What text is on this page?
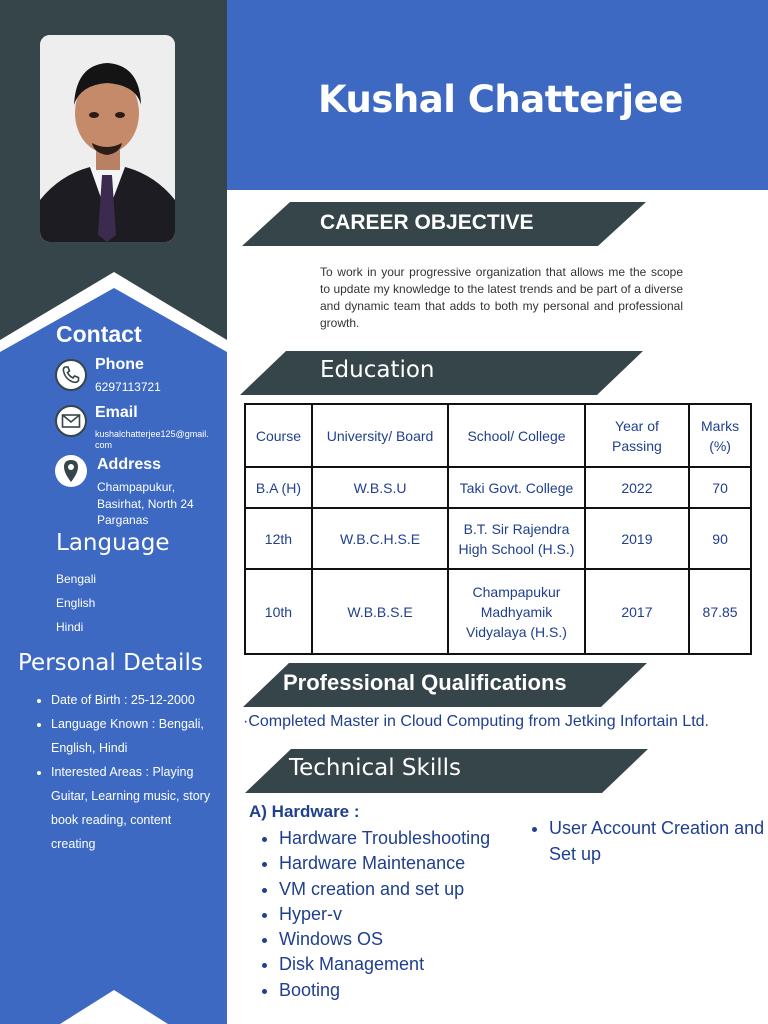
Contact
Phone
6297113721
Email
kushalchatterjee125@gmail.
com
Address
Champapukur,
Basirhat, North 24
Parganas
Language
Bengali
English
Hindi
Personal Details
• Date of Birth : 25-12-2000
• Language Known : Bengali, English, Hindi
• Interested Areas : Playing Guitar, Learning music, story book reading, content creating
Kushal Chatterjee
CAREER OBJECTIVE
To work in your progressive organization that allows me the scope to update my knowledge to the latest trends and be part of a diverse and dynamic team that adds to both my personal and professional growth.
Education
Course	University/ Board	School/ College	Year of Passing	Marks (%)
B.A (H)	W.B.S.U	Taki Govt. College	2022	70
12th	W.B.C.H.S.E	B.T. Sir Rajendra High School (H.S.)	2019	90
10th	W.B.B.S.E	Champapukur Madhyamik Vidyalaya (H.S.)	2017	87.85
Professional Qualifications
·Completed Master in Cloud Computing from Jetking Infortain Ltd.
Technical Skills
A) Hardware :
• Hardware Troubleshooting
• Hardware Maintenance
• VM creation and set up
• Hyper-v
• Windows OS
• Disk Management
• Booting
• User Account Creation and Set up
